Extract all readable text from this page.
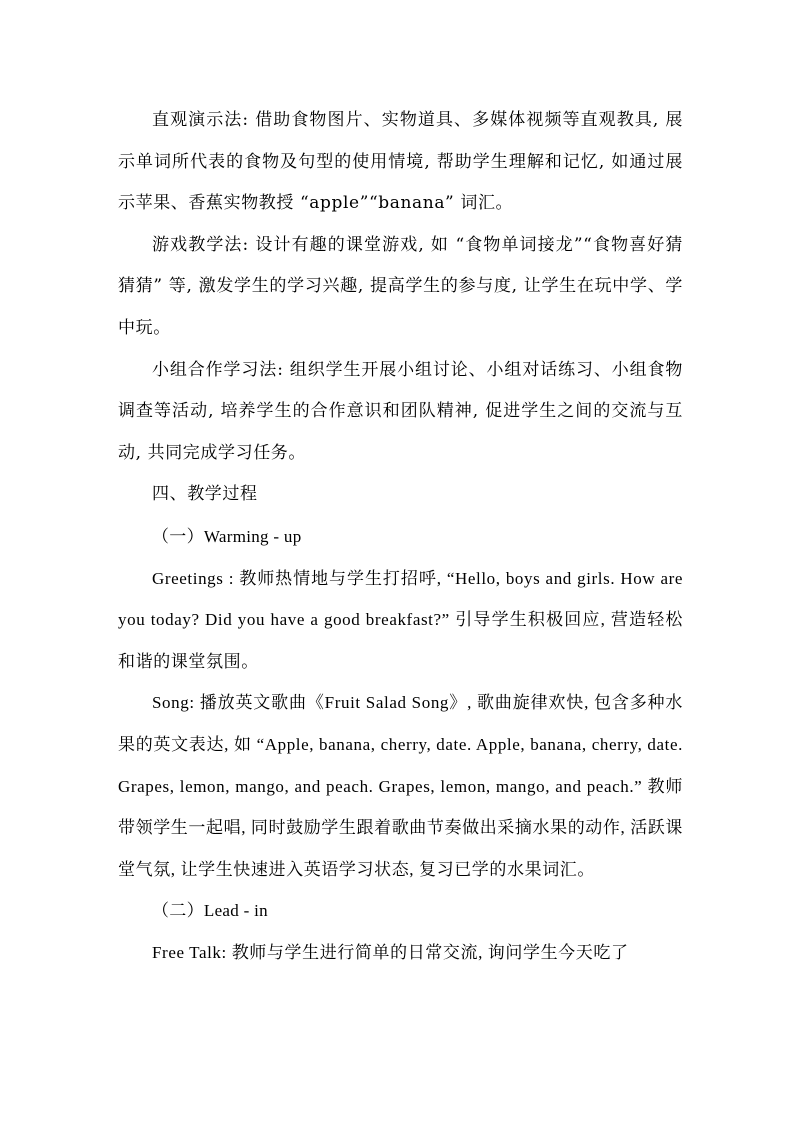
直观演示法: 借助食物图片、实物道具、多媒体视频等直观教具, 展示单词所代表的食物及句型的使用情境, 帮助学生理解和记忆, 如通过展示苹果、香蕉实物教授 “apple”“banana” 词汇。

游戏教学法: 设计有趣的课堂游戏, 如 “食物单词接龙”“食物喜好猜猜猜” 等, 激发学生的学习兴趣, 提高学生的参与度, 让学生在玩中学、学中玩。

小组合作学习法: 组织学生开展小组讨论、小组对话练习、小组食物调查等活动, 培养学生的合作意识和团队精神, 促进学生之间的交流与互动, 共同完成学习任务。

四、教学过程

（一）Warming - up

Greetings : 教师热情地与学生打招呼, “Hello, boys and girls. How are you today? Did you have a good breakfast?” 引导学生积极回应, 营造轻松和谐的课堂氛围。

Song: 播放英文歌曲《Fruit Salad Song》, 歌曲旋律欢快, 包含多种水果的英文表达, 如 “Apple, banana, cherry, date. Apple, banana, cherry, date. Grapes, lemon, mango, and peach. Grapes, lemon, mango, and peach.” 教师带领学生一起唱, 同时鼓励学生跟着歌曲节奏做出采摘水果的动作, 活跃课堂气氛, 让学生快速进入英语学习状态, 复习已学的水果词汇。

（二）Lead - in

Free Talk: 教师与学生进行简单的日常交流, 询问学生今天吃了
